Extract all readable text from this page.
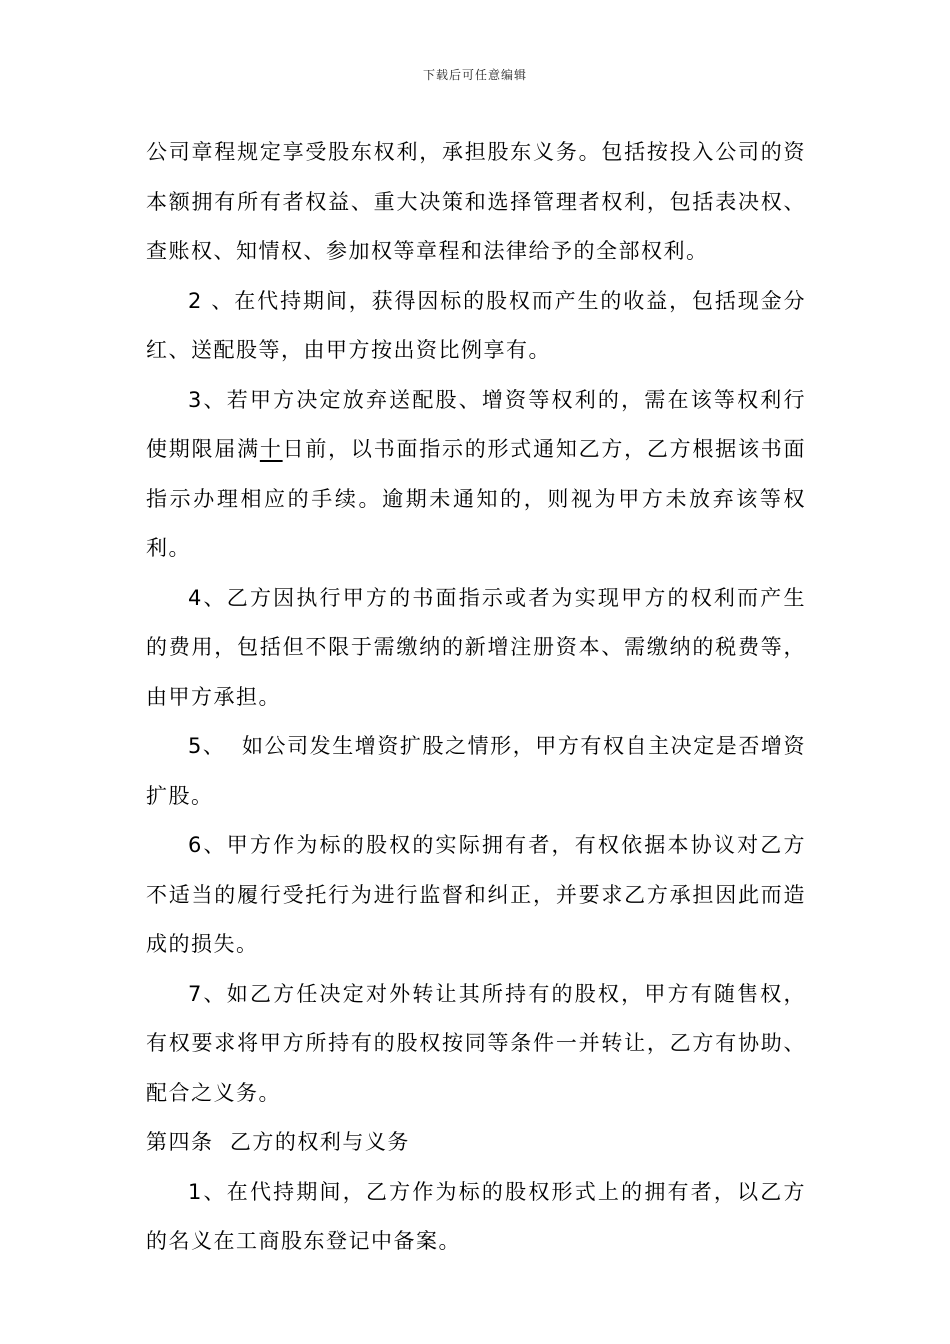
下载后可任意编辑

公司章程规定享受股东权利，承担股东义务。包括按投入公司的资本额拥有所有者权益、重大决策和选择管理者权利，包括表决权、查账权、知情权、参加权等章程和法律给予的全部权利。

2 、在代持期间，获得因标的股权而产生的收益，包括现金分红、送配股等，由甲方按出资比例享有。

3、若甲方决定放弃送配股、增资等权利的，需在该等权利行使期限届满十日前，以书面指示的形式通知乙方，乙方根据该书面指示办理相应的手续。逾期未通知的，则视为甲方未放弃该等权利。

4、乙方因执行甲方的书面指示或者为实现甲方的权利而产生的费用，包括但不限于需缴纳的新增注册资本、需缴纳的税费等，由甲方承担。

5、  如公司发生增资扩股之情形，甲方有权自主决定是否增资扩股。

6、甲方作为标的股权的实际拥有者，有权依据本协议对乙方不适当的履行受托行为进行监督和纠正，并要求乙方承担因此而造成的损失。

7、如乙方任决定对外转让其所持有的股权，甲方有随售权，有权要求将甲方所持有的股权按同等条件一并转让，乙方有协助、配合之义务。

第四条  乙方的权利与义务

1、在代持期间，乙方作为标的股权形式上的拥有者，以乙方的名义在工商股东登记中备案。
